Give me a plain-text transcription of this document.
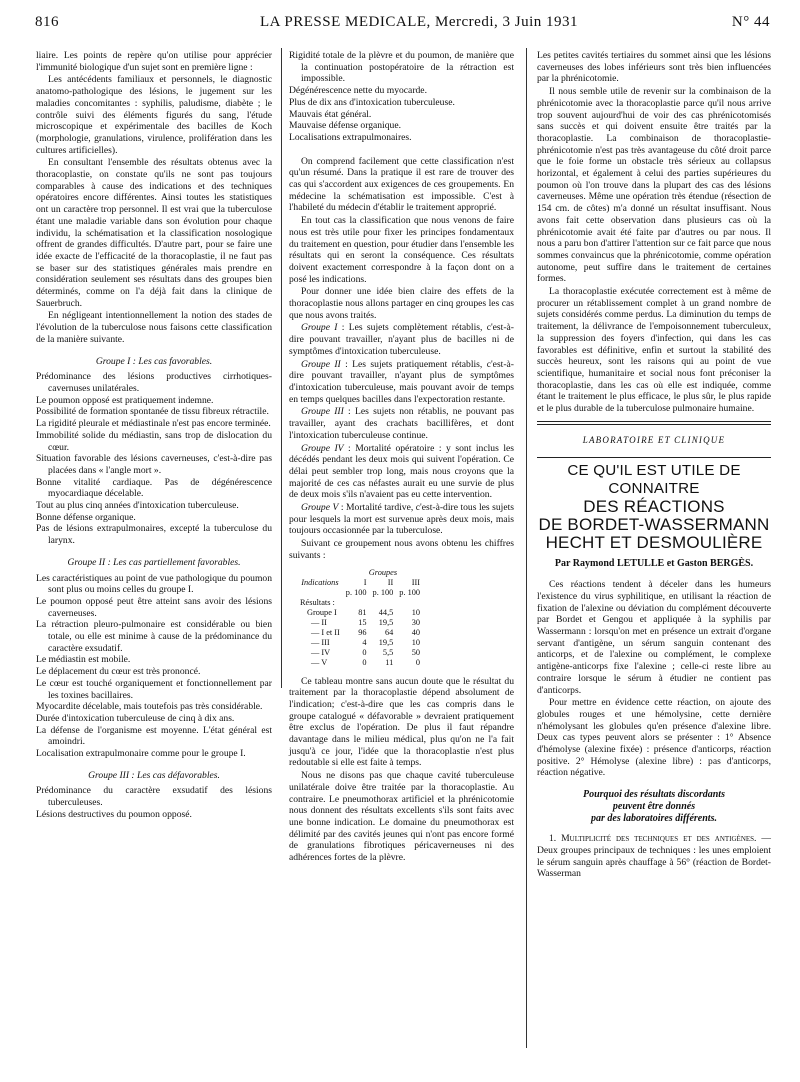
816	LA PRESSE MEDICALE, Mercredi, 3 Juin 1931	N° 44

liaire. Les points de repère qu'on utilise pour apprécier l'immunité biologique d'un sujet sont en première ligne :

Les antécédents familiaux et personnels, le diagnostic anatomo-pathologique des lésions, le jugement sur les maladies concomitantes : syphilis, paludisme, diabète ; le contrôle suivi des éléments figurés du sang, l'étude microscopique et expérimentale des bacilles de Koch (morphologie, granulations, virulence, prolifération dans les cultures artificielles).

En consultant l'ensemble des résultats obtenus avec la thoracoplastie, on constate qu'ils ne sont pas toujours comparables à cause des indications et des techniques opératoires encore différentes. Ainsi toutes les statistiques ont un caractère trop personnel. Il est vrai que la tuberculose étant une maladie variable dans son évolution pour chaque individu, la schématisation et la classification nosologique offrent de grandes difficultés. D'autre part, pour se faire une idée exacte de l'efficacité de la thoracoplastie, il ne faut pas se baser sur des statistiques générales mais prendre en considération seulement ses résultats dans des groupes bien déterminés, comme on l'a déjà fait dans la clinique de Sauerbruch.

En négligeant intentionnellement la notion des stades de l'évolution de la tuberculose nous faisons cette classification de la manière suivante.

Groupe I : Les cas favorables.

Prédominance des lésions productives cirrhotiques-cavernuses unilatérales.

Le poumon opposé est pratiquement indemne.

Possibilité de formation spontanée de tissu fibreux rétractile.

La rigidité pleurale et médiastinale n'est pas encore terminée.

Immobilité solide du médiastin, sans trop de dislocation du cœur.

Situation favorable des lésions caverneuses, c'est-à-dire pas placées dans « l'angle mort ».

Bonne vitalité cardiaque. Pas de dégénérescence myocardiaque décelable.

Tout au plus cinq années d'intoxication tuberculeuse.

Bonne défense organique.

Pas de lésions extrapulmonaires, excepté la tuberculose du larynx.

Groupe II : Les cas partiellement favorables.

Les caractéristiques au point de vue pathologique du poumon sont plus ou moins celles du groupe I.

Le poumon opposé peut être atteint sans avoir des lésions caverneuses.

La rétraction pleuro-pulmonaire est considérable ou bien totale, ou elle est minime à cause de la prédominance du caractère exsudatif.

Le médiastin est mobile.

Le déplacement du cœur est très prononcé.

Le cœur est touché organiquement et fonctionnellement par les toxines bacillaires.

Myocardite décelable, mais toutefois pas très considérable.

Durée d'intoxication tuberculeuse de cinq à dix ans.

La défense de l'organisme est moyenne. L'état général est amoindri.

Localisation extrapulmonaire comme pour le groupe I.

Groupe III : Les cas défavorables.

Prédominance du caractère exsudatif des lésions tuberculeuses.

Lésions destructives du poumon opposé.

Rigidité totale de la plèvre et du poumon, de manière que la continuation postopératoire de la rétraction est impossible.

Dégénérescence nette du myocarde.

Plus de dix ans d'intoxication tuberculeuse.

Mauvais état général.

Mauvaise défense organique.

Localisations extrapulmonaires.

On comprend facilement que cette classification n'est qu'un résumé. Dans la pratique il est rare de trouver des cas qui s'accordent aux exigences de ces groupements. En médecine la schématisation est impossible. C'est à l'habileté du médecin d'établir le traitement approprié.

En tout cas la classification que nous venons de faire nous est très utile pour fixer les principes fondamentaux du traitement en question, pour étudier dans l'ensemble les résultats qui en seront la conséquence. Ces résultats doivent exactement correspondre à la façon dont on a posé les indications.

Pour donner une idée bien claire des effets de la thoracoplastie nous allons partager en cinq groupes les cas que nous avons traités.

Groupe I : Les sujets complètement rétablis, c'est-à-dire pouvant travailler, n'ayant plus de bacilles ni de symptômes d'intoxication tuberculeuse.

Groupe II : Les sujets pratiquement rétablis, c'est-à-dire pouvant travailler, n'ayant plus de symptômes d'intoxication tuberculeuse, mais pouvant avoir de temps en temps quelques bacilles dans l'expectoration restante.

Groupe III : Les sujets non rétablis, ne pouvant pas travailler, ayant des crachats bacillifères, et dont l'intoxication tuberculeuse continue.

Groupe IV : Mortalité opératoire : y sont inclus les décédés pendant les deux mois qui suivent l'opération. Ce délai peut sembler trop long, mais nous croyons que la majorité de ces cas néfastes aurait eu une survie de plus de deux mois s'ils n'avaient pas eu cette intervention.

Groupe V : Mortalité tardive, c'est-à-dire tous les sujets pour lesquels la mort est survenue après deux mois, mais toujours occasionnée par la tuberculose.

Suivant ce groupement nous avons obtenu les chiffres suivants :

	Groupes		
Indications	I	II	III
	p. 100	p. 100	p. 100
Résultats :			
Groupe I	81	44,5	10
— II	15	19,5	30
— I et II	96	64	40
— III	4	19,5	10
— IV	0	5,5	50
— V	0	11	0

Ce tableau montre sans aucun doute que le résultat du traitement par la thoracoplastie dépend absolument de l'indication; c'est-à-dire que les cas compris dans le groupe catalogué « défavorable » devraient pratiquement être exclus de l'opération. De plus il faut répandre davantage dans le milieu médical, plus qu'on ne l'a fait jusqu'à ce jour, l'idée que la thoracoplastie n'est plus redoutable si elle est faite à temps.

Nous ne disons pas que chaque cavité tuberculeuse unilatérale doive être traitée par la thoracoplastie. Au contraire. Le pneumothorax artificiel et la phrénicotomie nous donnent des résultats excellents s'ils sont faits avec une bonne indication. Le domaine du pneumothorax est délimité par des cavités jeunes qui n'ont pas encore formé de granulations fibrotiques péricaverneuses ni des adhérences fortes de la plèvre.

Les petites cavités tertiaires du sommet ainsi que les lésions caverneuses des lobes inférieurs sont très bien influencées par la phrénicotomie.

Il nous semble utile de revenir sur la combinaison de la phrénicotomie avec la thoracoplastie parce qu'il nous arrive trop souvent aujourd'hui de voir des cas phrénicotomisés sans succès et qui doivent ensuite être traités par la thoracoplastie. La combinaison de thoracoplastie-phrénicotomie n'est pas très avantageuse du côté droit parce que le foie forme un obstacle très sérieux au collapsus horizontal, et également à celui des parties supérieures du poumon où l'on trouve dans la plupart des cas des lésions caverneuses. Même une opération très étendue (résection de 154 cm. de côtes) m'a donné un résultat insuffisant. Nous avons fait cette observation dans plusieurs cas où la phrénicotomie avait été faite par d'autres ou par nous. Il nous a paru bon d'attirer l'attention sur ce fait parce que nous sommes convaincus que la phrénicotomie, comme opération autonome, peut suffire dans le traitement de certaines formes.

La thoracoplastie exécutée correctement est à même de procurer un rétablissement complet à un grand nombre de sujets considérés comme perdus. La diminution du temps de traitement, la délivrance de l'empoisonnement tuberculeux, la suppression des foyers d'infection, qui dans les cas favorables est définitive, enfin et surtout la stabilité des succès heureux, sont les raisons qui au point de vue scientifique, humanitaire et social nous font préconiser la thoracoplastie, dans les cas où elle est indiquée, comme étant le traitement le plus efficace, le plus sûr, le plus rapide et le plus durable de la tuberculose pulmonaire humaine.

LABORATOIRE ET CLINIQUE
CE QU'IL EST UTILE DE CONNAITRE
DES RÉACTIONS
DE BORDET-WASSERMANN
HECHT ET DESMOULIÈRE
Par Raymond LETULLE et Gaston BERGÈS.

Ces réactions tendent à déceler dans les humeurs l'existence du virus syphilitique, en utilisant la réaction de fixation de l'alexine ou déviation du complément découverte par Bordet et Gengou et appliquée à la syphilis par Wassermann : lorsqu'on met en présence un extrait d'organe servant d'antigène, un sérum sanguin contenant des anticorps, et de l'alexine ou complément, le complexe antigène-anticorps fixe l'alexine ; celle-ci reste libre au contraire lorsque le sérum à étudier ne contient pas d'anticorps.

Pour mettre en évidence cette réaction, on ajoute des globules rouges et une hémolysine, cette dernière n'hémolysant les globules qu'en présence d'alexine libre. Deux cas types peuvent alors se présenter : 1° Absence d'hémolyse (alexine fixée) : présence d'anticorps, réaction positive. 2° Hémolyse (alexine libre) : pas d'anticorps, réaction négative.

Pourquoi des résultats discordants
peuvent être donnés
par des laboratoires différents.

1. Multiplicité des techniques et des antigènes. — Deux groupes principaux de techniques : les unes emploient le sérum sanguin après chauffage à 56° (réaction de Bordet-Wasserman
